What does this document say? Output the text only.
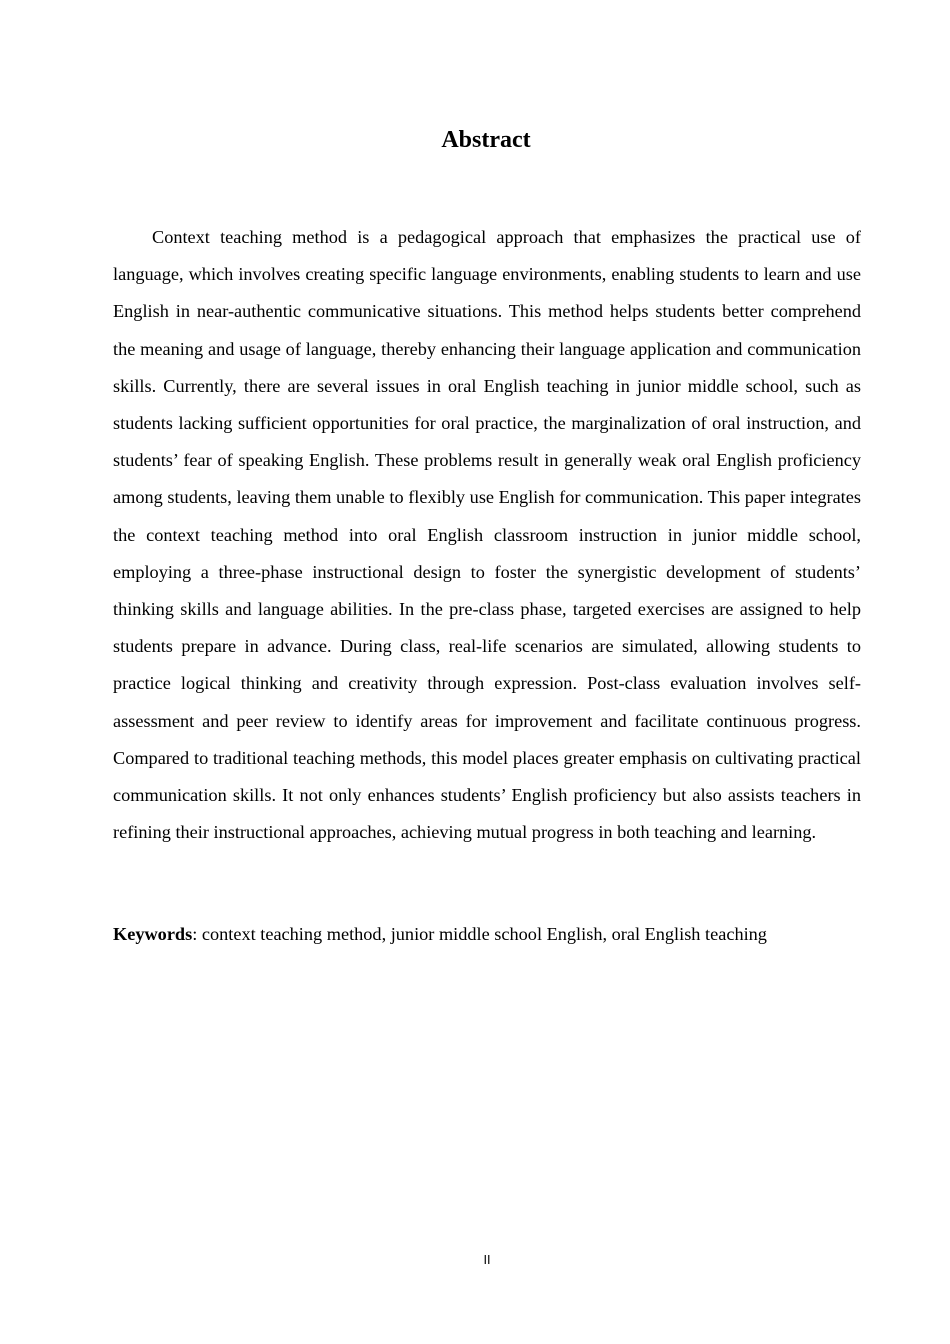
Abstract

Context teaching method is a pedagogical approach that emphasizes the practical use of language, which involves creating specific language environments, enabling students to learn and use English in near-authentic communicative situations. This method helps students better comprehend the meaning and usage of language, thereby enhancing their language application and communication skills. Currently, there are several issues in oral English teaching in junior middle school, such as students lacking sufficient opportunities for oral practice, the marginalization of oral instruction, and students’ fear of speaking English. These problems result in generally weak oral English proficiency among students, leaving them unable to flexibly use English for communication. This paper integrates the context teaching method into oral English classroom instruction in junior middle school, employing a three-phase instructional design to foster the synergistic development of students’ thinking skills and language abilities. In the pre-class phase, targeted exercises are assigned to help students prepare in advance. During class, real-life scenarios are simulated, allowing students to practice logical thinking and creativity through expression. Post-class evaluation involves self-assessment and peer review to identify areas for improvement and facilitate continuous progress. Compared to traditional teaching methods, this model places greater emphasis on cultivating practical communication skills. It not only enhances students’ English proficiency but also assists teachers in refining their instructional approaches, achieving mutual progress in both teaching and learning.

Keywords: context teaching method, junior middle school English, oral English teaching

II
